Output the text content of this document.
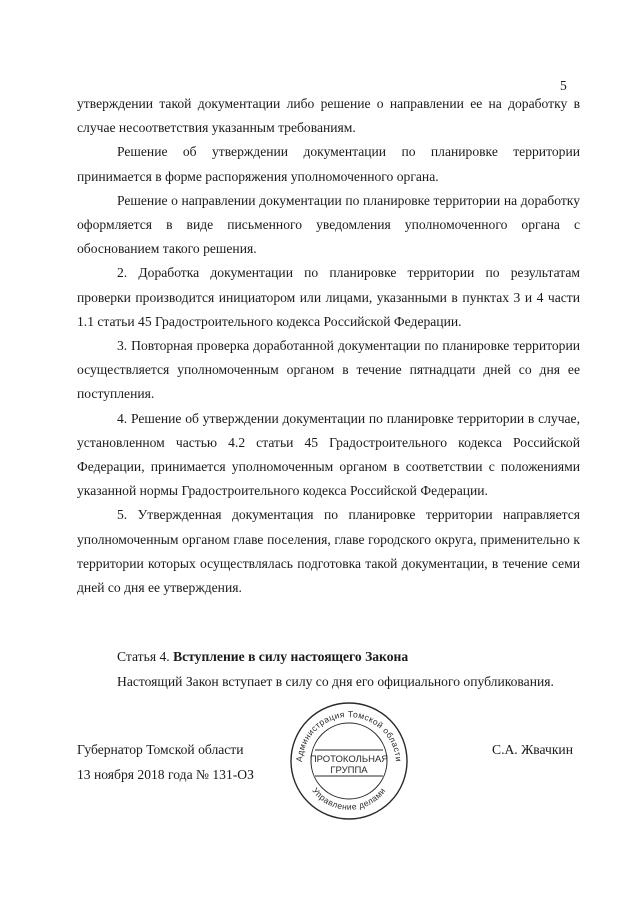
5

утверждении такой документации либо решение о направлении ее на доработку в случае несоответствия указанным требованиям.

Решение об утверждении документации по планировке территории принимается в форме распоряжения уполномоченного органа.

Решение о направлении документации по планировке территории на доработку оформляется в виде письменного уведомления уполномоченного органа с обоснованием такого решения.

2. Доработка документации по планировке территории по результатам проверки производится инициатором или лицами, указанными в пунктах 3 и 4 части 1.1 статьи 45 Градостроительного кодекса Российской Федерации.

3. Повторная проверка доработанной документации по планировке территории осуществляется уполномоченным органом в течение пятнадцати дней со дня ее поступления.

4. Решение об утверждении документации по планировке территории в случае, установленном частью 4.2 статьи 45 Градостроительного кодекса Российской Федерации, принимается уполномоченным органом в соответствии с положениями указанной нормы Градостроительного кодекса Российской Федерации.

5. Утвержденная документация по планировке территории направляется уполномоченным органом главе поселения, главе городского округа, применительно к территории которых осуществлялась подготовка такой документации, в течение семи дней со дня ее утверждения.

Статья 4. Вступление в силу настоящего Закона

Настоящий Закон вступает в силу со дня его официального опубликования.

Губернатор Томской области
13 ноября 2018 года № 131-ОЗ
С.А. Жвачкин
Администрация Томской области
Управление делами
ПРОТОКОЛЬНАЯ
ГРУППА
